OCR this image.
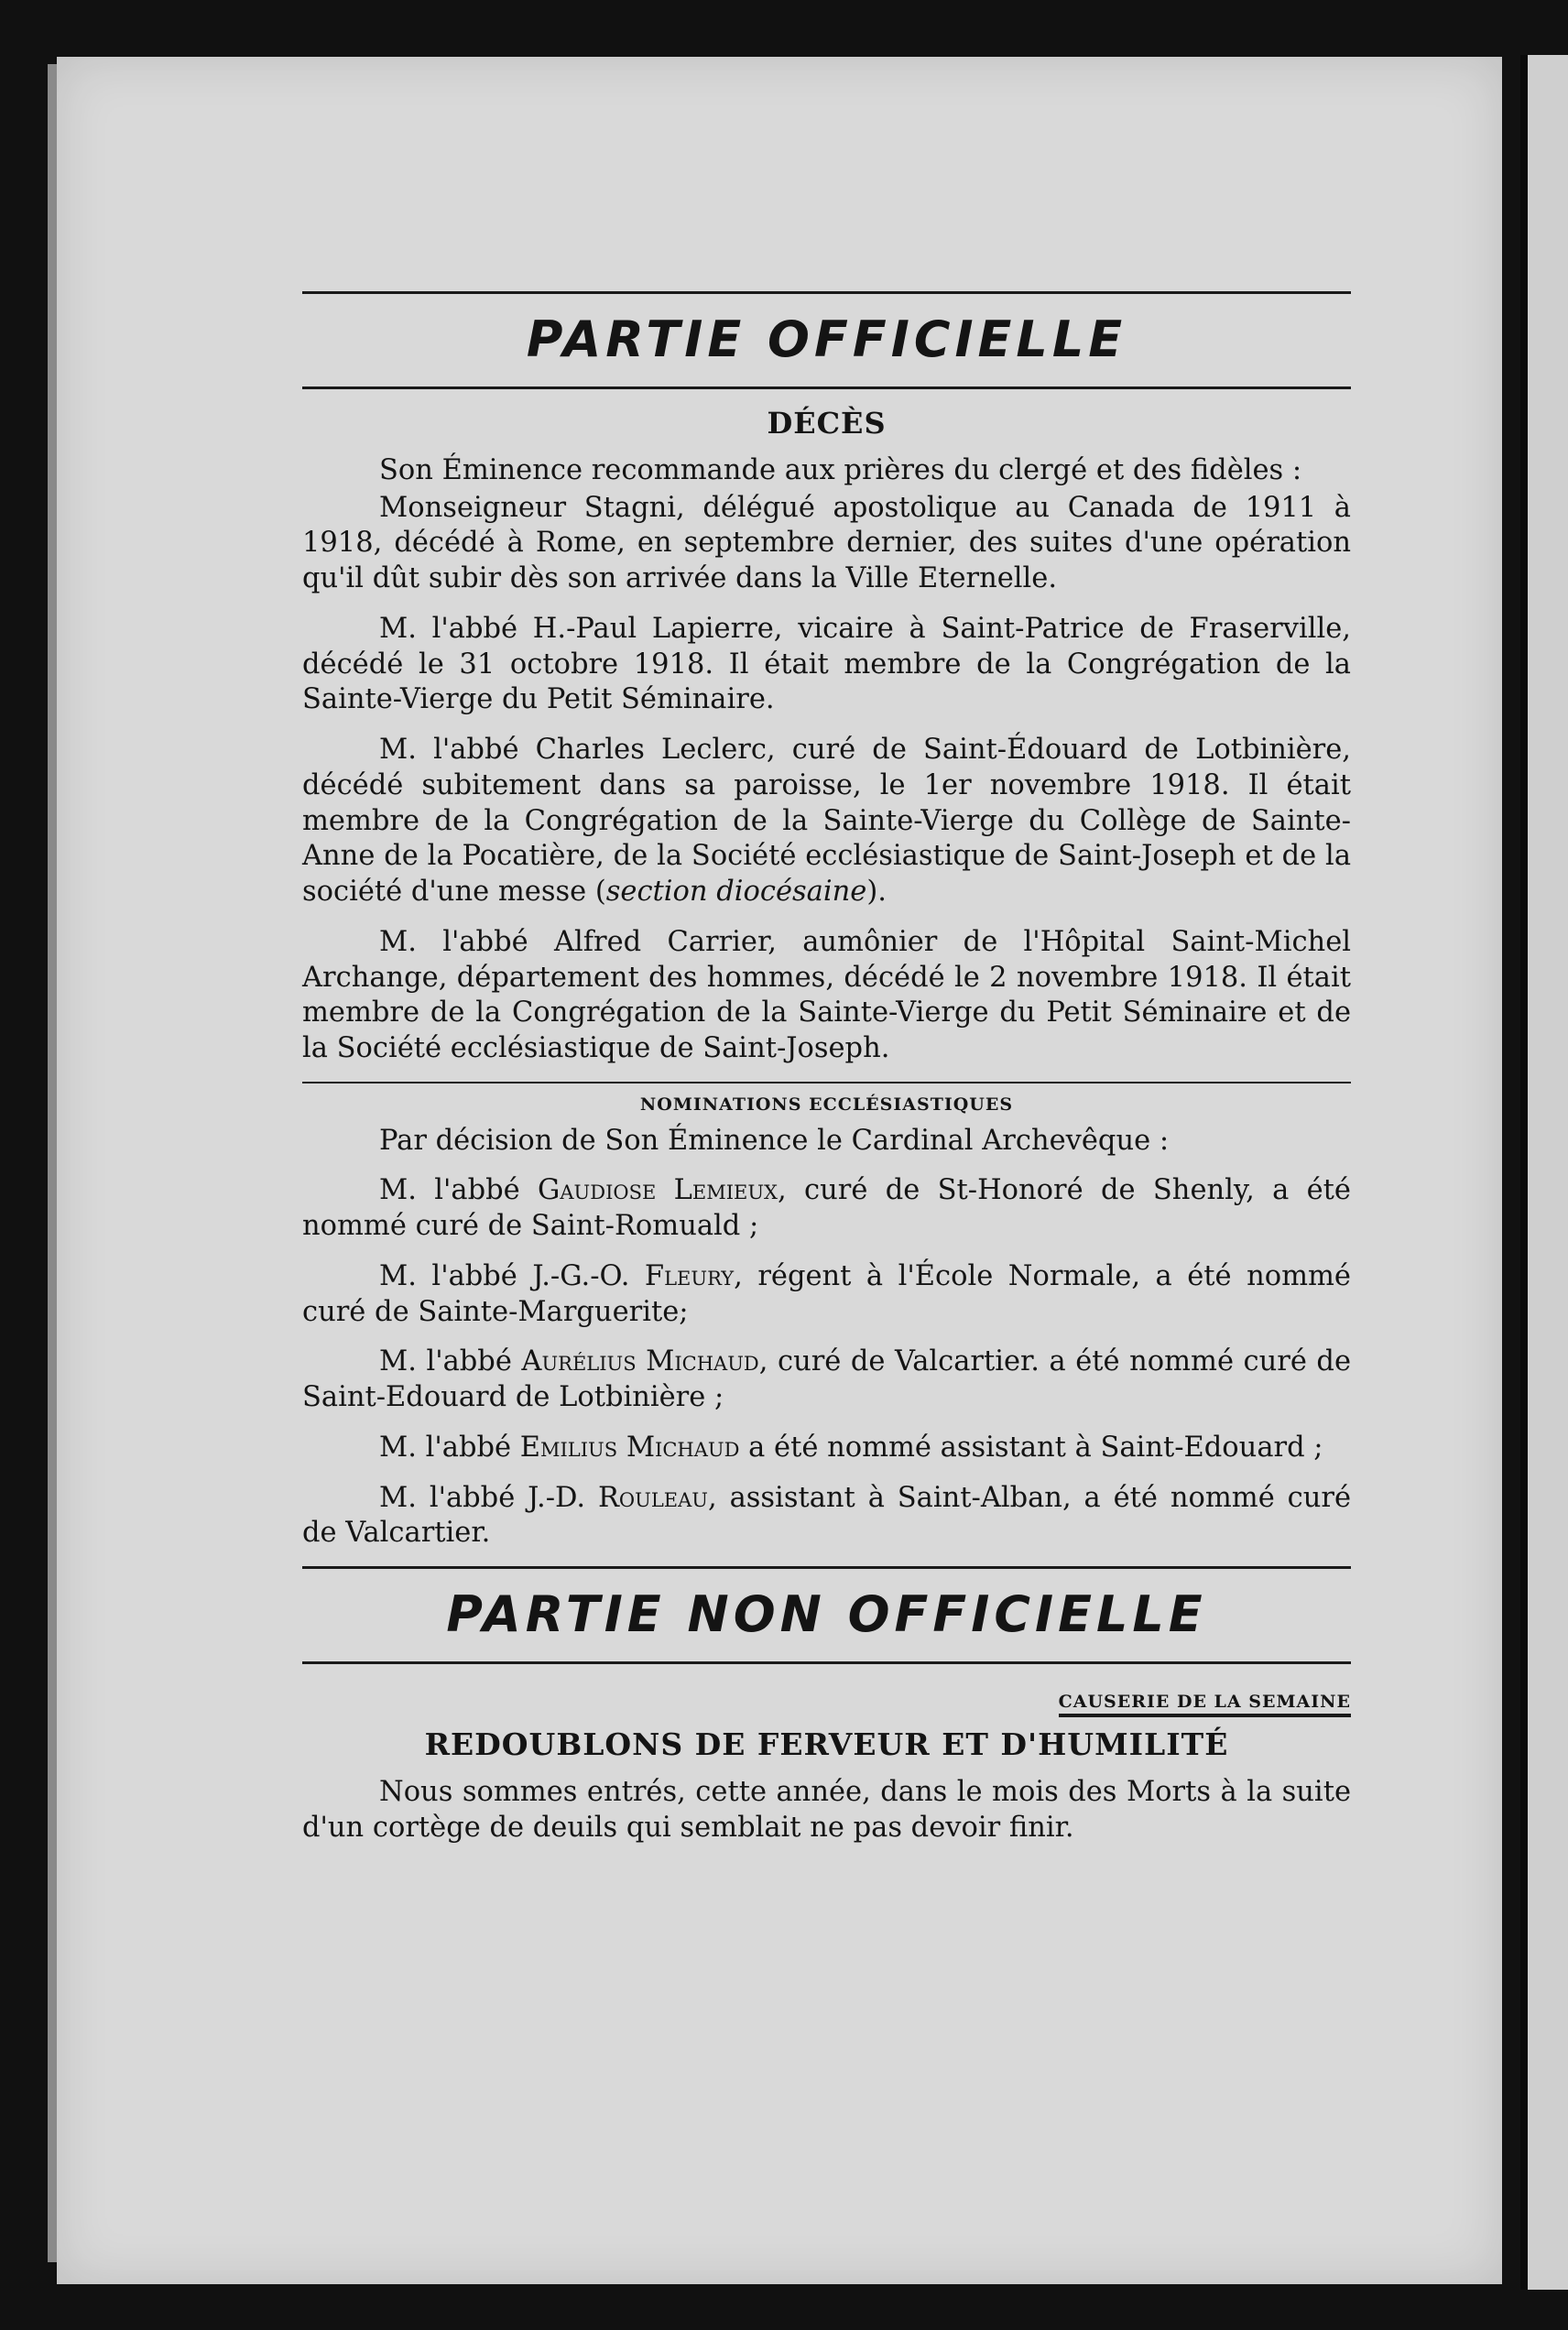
PARTIE OFFICIELLE
DÉCÈS

Son Éminence recommande aux prières du clergé et des fidèles :

Monseigneur Stagni, délégué apostolique au Canada de 1911 à 1918, décédé à Rome, en septembre dernier, des suites d'une opération qu'il dût subir dès son arrivée dans la Ville Eternelle.

M. l'abbé H.-Paul Lapierre, vicaire à Saint-Patrice de Fraserville, décédé le 31 octobre 1918. Il était membre de la Congrégation de la Sainte-Vierge du Petit Séminaire.

M. l'abbé Charles Leclerc, curé de Saint-Édouard de Lotbinière, décédé subitement dans sa paroisse, le 1er novembre 1918. Il était membre de la Congrégation de la Sainte-Vierge du Collège de Sainte-Anne de la Pocatière, de la Société ecclésiastique de Saint-Joseph et de la société d'une messe (section diocésaine).

M. l'abbé Alfred Carrier, aumônier de l'Hôpital Saint-Michel Archange, département des hommes, décédé le 2 novembre 1918. Il était membre de la Congrégation de la Sainte-Vierge du Petit Séminaire et de la Société ecclésiastique de Saint-Joseph.

NOMINATIONS ECCLÉSIASTIQUES

Par décision de Son Éminence le Cardinal Archevêque :

M. l'abbé Gaudiose Lemieux, curé de St-Honoré de Shenly, a été nommé curé de Saint-Romuald ;

M. l'abbé J.-G.-O. Fleury, régent à l'École Normale, a été nommé curé de Sainte-Marguerite;

M. l'abbé Aurélius Michaud, curé de Valcartier. a été nommé curé de Saint-Edouard de Lotbinière ;

M. l'abbé Emilius Michaud a été nommé assistant à Saint-Edouard ;

M. l'abbé J.-D. Rouleau, assistant à Saint-Alban, a été nommé curé de Valcartier.

PARTIE NON OFFICIELLE
CAUSERIE DE LA SEMAINE
REDOUBLONS DE FERVEUR ET D'HUMILITÉ

Nous sommes entrés, cette année, dans le mois des Morts à la suite d'un cortège de deuils qui semblait ne pas devoir finir.
